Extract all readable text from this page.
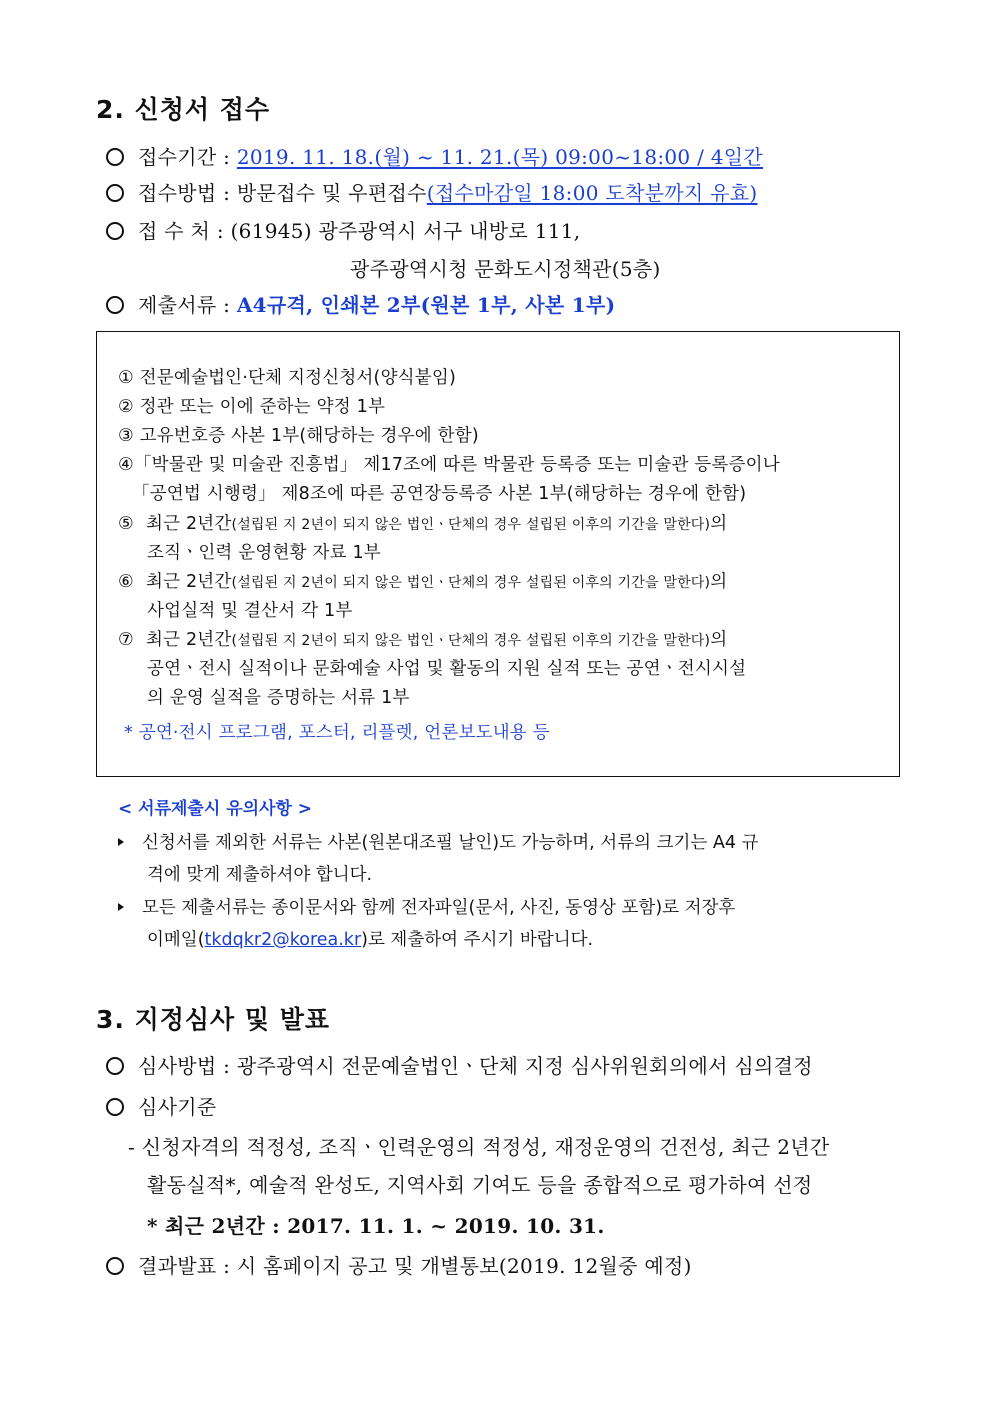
2. 신청서 접수
접수기간 : 2019. 11. 18.(월) ~ 11. 21.(목) 09:00~18:00 / 4일간
접수방법 : 방문접수 및 우편접수(접수마감일 18:00 도착분까지 유효)
접 수 처 : (61945) 광주광역시 서구 내방로 111,
광주광역시청 문화도시정책관(5층)
제출서류 : A4규격, 인쇄본 2부(원본 1부, 사본 1부)
① 전문예술법인·단체 지정신청서(양식붙임)
② 정관 또는 이에 준하는 약정 1부
③ 고유번호증 사본 1부(해당하는 경우에 한함)
④「박물관 및 미술관 진흥법」 제17조에 따른 박물관 등록증 또는 미술관 등록증이나
「공연법 시행령」 제8조에 따른 공연장등록증 사본 1부(해당하는 경우에 한함)
⑤ 최근 2년간(설립된 지 2년이 되지 않은 법인ㆍ단체의 경우 설립된 이후의 기간을 말한다)의
조직ㆍ인력 운영현황 자료 1부
⑥ 최근 2년간(설립된 지 2년이 되지 않은 법인ㆍ단체의 경우 설립된 이후의 기간을 말한다)의
사업실적 및 결산서 각 1부
⑦ 최근 2년간(설립된 지 2년이 되지 않은 법인ㆍ단체의 경우 설립된 이후의 기간을 말한다)의
공연ㆍ전시 실적이나 문화예술 사업 및 활동의 지원 실적 또는 공연ㆍ전시시설
의 운영 실적을 증명하는 서류 1부
* 공연·전시 프로그램, 포스터, 리플렛, 언론보도내용 등
< 서류제출시 유의사항 >
신청서를 제외한 서류는 사본(원본대조필 날인)도 가능하며, 서류의 크기는 A4 규
격에 맞게 제출하셔야 합니다.
모든 제출서류는 종이문서와 함께 전자파일(문서, 사진, 동영상 포함)로 저장후
이메일(tkdqkr2@korea.kr)로 제출하여 주시기 바랍니다.
3. 지정심사 및 발표
심사방법 : 광주광역시 전문예술법인ㆍ단체 지정 심사위원회의에서 심의결정
심사기준
- 신청자격의 적정성, 조직ㆍ인력운영의 적정성, 재정운영의 건전성, 최근 2년간
활동실적*, 예술적 완성도, 지역사회 기여도 등을 종합적으로 평가하여 선정
* 최근 2년간 : 2017. 11. 1. ~ 2019. 10. 31.
결과발표 : 시 홈페이지 공고 및 개별통보(2019. 12월중 예정)
